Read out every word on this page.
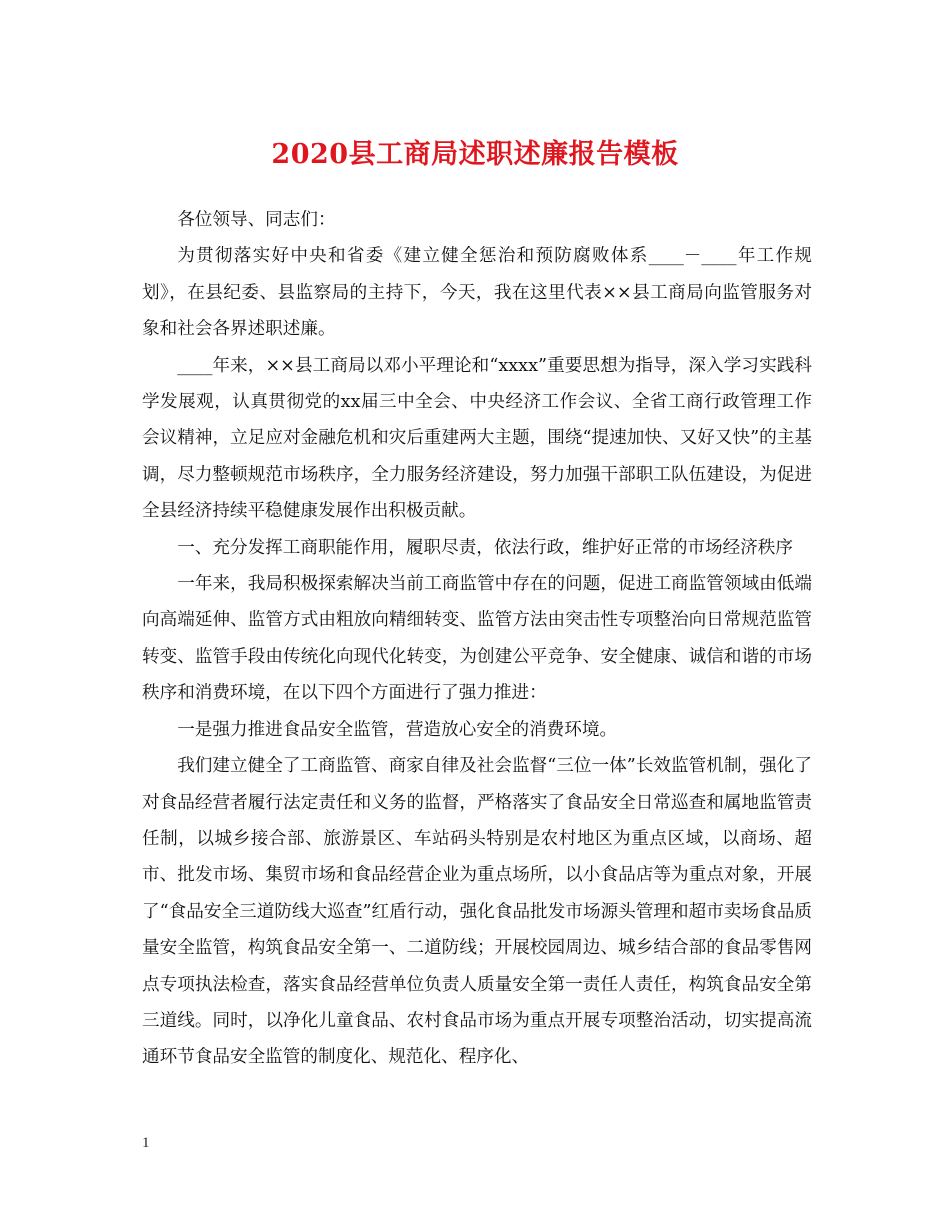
2020县工商局述职述廉报告模板

各位领导、同志们：

为贯彻落实好中央和省委《建立健全惩治和预防腐败体系____－____年工作规划》，在县纪委、县监察局的主持下，今天，我在这里代表××县工商局向监管服务对象和社会各界述职述廉。

____年来，××县工商局以邓小平理论和“xxxx”重要思想为指导，深入学习实践科学发展观，认真贯彻党的xx届三中全会、中央经济工作会议、全省工商行政管理工作会议精神，立足应对金融危机和灾后重建两大主题，围绕“提速加快、又好又快”的主基调，尽力整顿规范市场秩序，全力服务经济建设，努力加强干部职工队伍建设，为促进全县经济持续平稳健康发展作出积极贡献。

一、充分发挥工商职能作用，履职尽责，依法行政，维护好正常的市场经济秩序

一年来，我局积极探索解决当前工商监管中存在的问题，促进工商监管领域由低端向高端延伸、监管方式由粗放向精细转变、监管方法由突击性专项整治向日常规范监管转变、监管手段由传统化向现代化转变，为创建公平竞争、安全健康、诚信和谐的市场秩序和消费环境，在以下四个方面进行了强力推进：

一是强力推进食品安全监管，营造放心安全的消费环境。

我们建立健全了工商监管、商家自律及社会监督“三位一体”长效监管机制，强化了对食品经营者履行法定责任和义务的监督，严格落实了食品安全日常巡查和属地监管责任制，以城乡接合部、旅游景区、车站码头特别是农村地区为重点区域，以商场、超市、批发市场、集贸市场和食品经营企业为重点场所，以小食品店等为重点对象，开展了“食品安全三道防线大巡查”红盾行动，强化食品批发市场源头管理和超市卖场食品质量安全监管，构筑食品安全第一、二道防线；开展校园周边、城乡结合部的食品零售网点专项执法检查，落实食品经营单位负责人质量安全第一责任人责任，构筑食品安全第三道线。同时，以净化儿童食品、农村食品市场为重点开展专项整治活动，切实提高流通环节食品安全监管的制度化、规范化、程序化、

1
